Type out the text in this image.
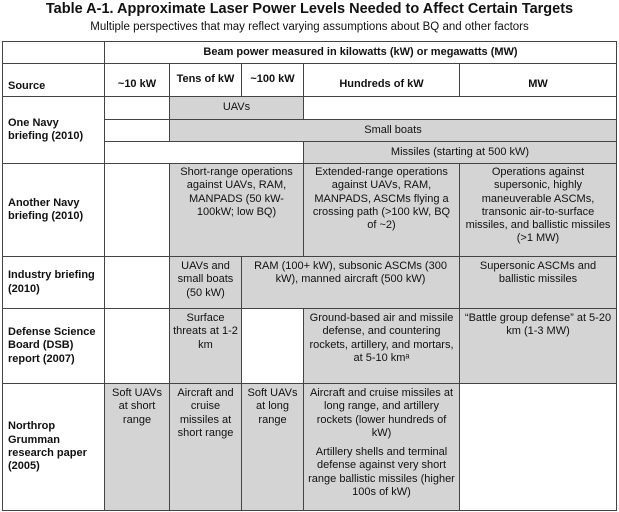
Table A-1. Approximate Laser Power Levels Needed to Affect Certain Targets
Multiple perspectives that may reflect varying assumptions about BQ and other factors
	Beam power measured in kilowatts (kW) or megawatts (MW)				
Source	~10 kW	Tens of kW	~100 kW	Hundreds of kW	MW
One Navy briefing (2010)		UAVs			
		Small boats			
				Missiles (starting at 500 kW)	
Another Navy briefing (2010)		Short-range operations against UAVs, RAM, MANPADS (50 kW-100kW; low BQ)		Extended-range operations against UAVs, RAM, MANPADS, ASCMs flying a crossing path (>100 kW, BQ of ~2)	Operations against supersonic, highly maneuverable ASCMs, transonic air-to-surface missiles, and ballistic missiles (>1 MW)
Industry briefing (2010)		UAVs and small boats (50 kW)	RAM (100+ kW), subsonic ASCMs (300 kW), manned aircraft (500 kW)		Supersonic ASCMs and ballistic missiles
Defense Science Board (DSB) report (2007)		Surface threats at 1-2 km		Ground-based air and missile defense, and countering rockets, artillery, and mortars, at 5-10 kmᵃ	“Battle group defense” at 5-20 km (1-3 MW)
Northrop Grumman research paper (2005)	Soft UAVs at short range	Aircraft and cruise missiles at short range	Soft UAVs at long range	Aircraft and cruise missiles at long range, and artillery rockets (lower hundreds of kW)
Artillery shells and terminal defense against very short range ballistic missiles (higher 100s of kW)	
